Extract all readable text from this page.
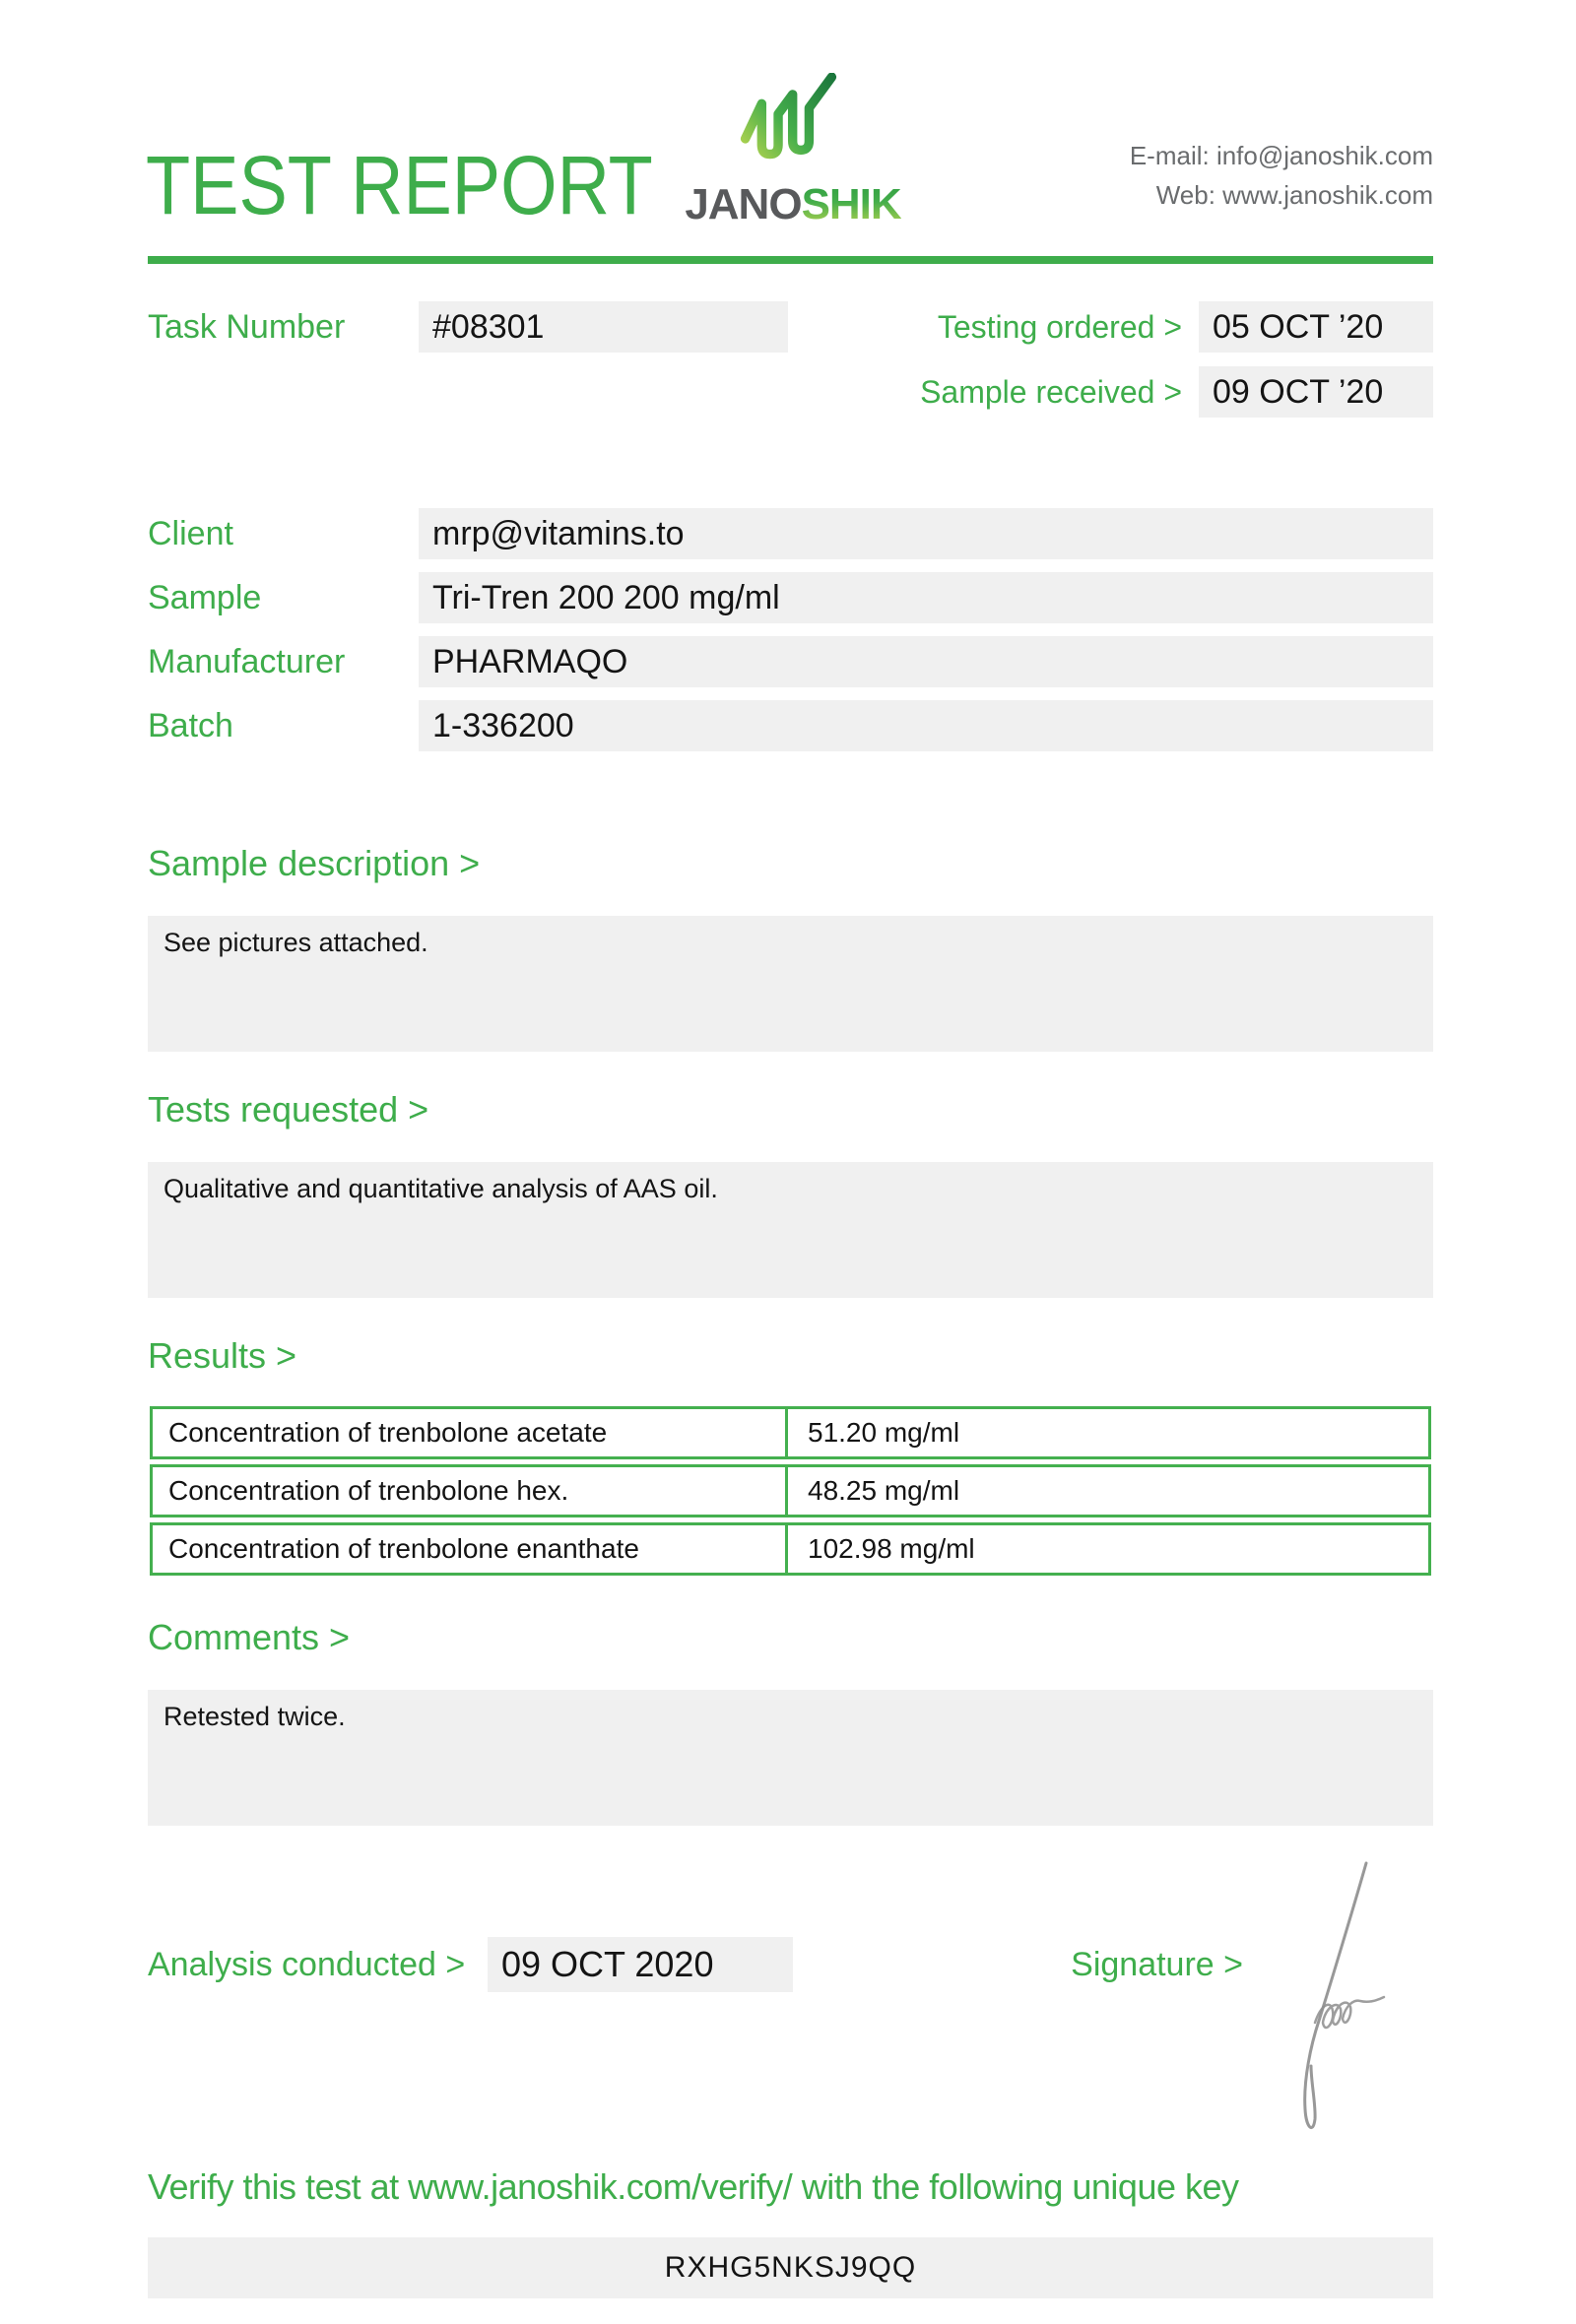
TEST REPORT JANOSHIK
E-mail: info@janoshik.com
Web: www.janoshik.com
Task Number	#08301	Testing ordered > 05 OCT ’20
Sample received > 09 OCT ’20
Client	mrp@vitamins.to
Sample	Tri-Tren 200 200 mg/ml
Manufacturer	PHARMAQO
Batch	1-336200
Sample description >
See pictures attached.
Tests requested >
Qualitative and quantitative analysis of AAS oil.
Results >
Concentration of trenbolone acetate	51.20 mg/ml
Concentration of trenbolone hex.	48.25 mg/ml
Concentration of trenbolone enanthate	102.98 mg/ml
Comments >
Retested twice.
Analysis conducted >	09 OCT 2020	Signature >
Verify this test at www.janoshik.com/verify/ with the following unique key
RXHG5NKSJ9QQ
